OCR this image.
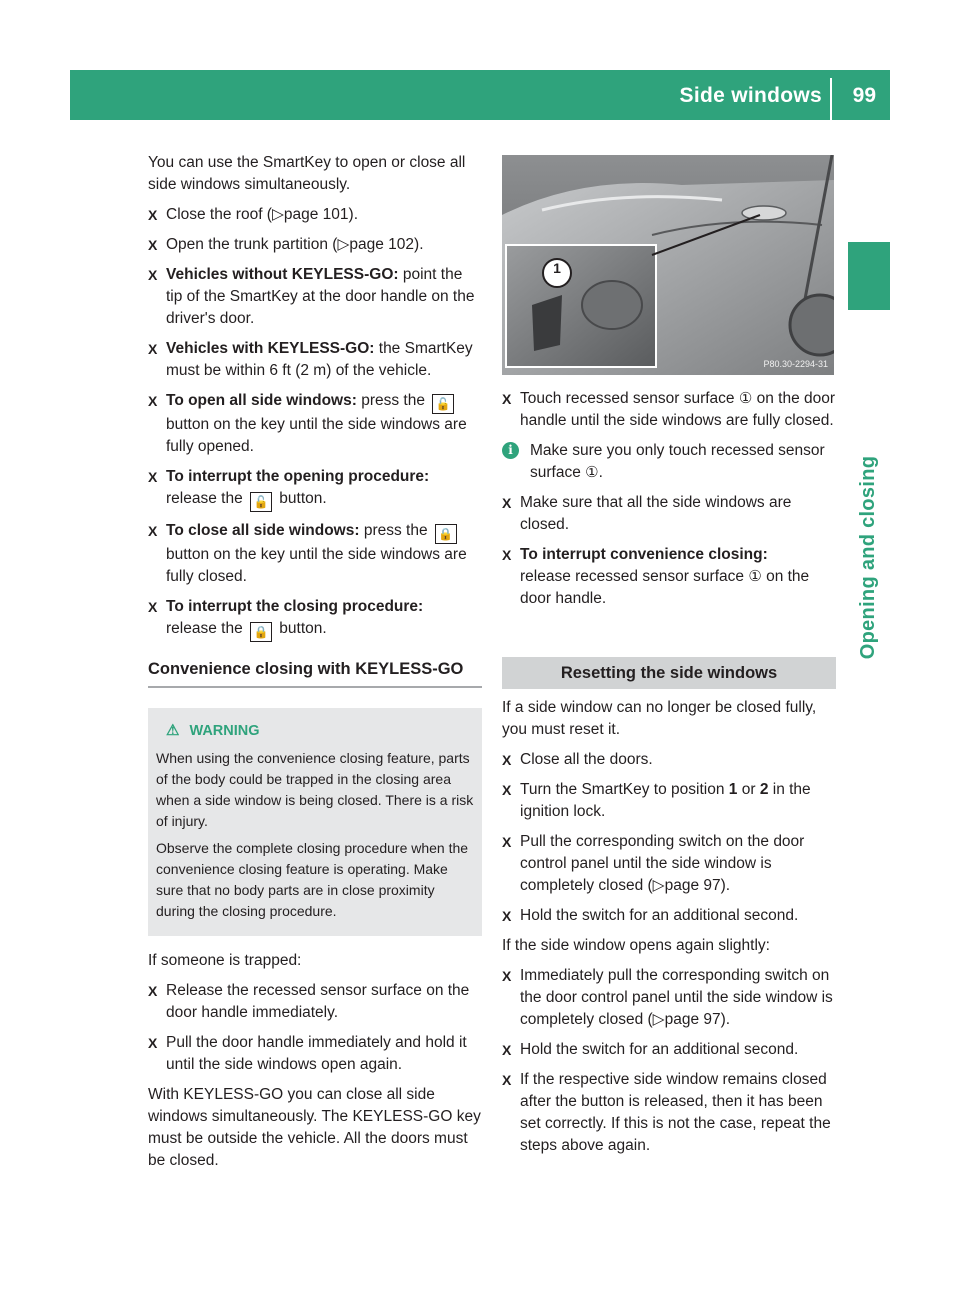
Side windows 99
Opening and closing

You can use the SmartKey to open or close all side windows simultaneously.

X Close the roof (▷page 101).
X Open the trunk partition (▷page 102).
X Vehicles without KEYLESS-GO: point the tip of the SmartKey at the door handle on the driver's door.
X Vehicles with KEYLESS-GO: the SmartKey must be within 6 ft (2 m) of the vehicle.
X To open all side windows: press the 🔓 button on the key until the side windows are fully opened.
X To interrupt the opening procedure:
release the 🔓 button.
X To close all side windows: press the 🔒 button on the key until the side windows are fully closed.
X To interrupt the closing procedure:
release the 🔒 button.
Convenience closing with KEYLESS-GO
⚠ WARNING

When using the convenience closing feature, parts of the body could be trapped in the closing area when a side window is being closed. There is a risk of injury.

Observe the complete closing procedure when the convenience closing feature is operating. Make sure that no body parts are in close proximity during the closing procedure.

If someone is trapped:

X Release the recessed sensor surface on the door handle immediately.
X Pull the door handle immediately and hold it until the side windows open again.

With KEYLESS-GO you can close all side windows simultaneously. The KEYLESS-GO key must be outside the vehicle. All the doors must be closed.

1
P80.30-2294-31
X Touch recessed sensor surface ① on the door handle until the side windows are fully closed.
i	Make sure you only touch recessed sensor surface ①.
X Make sure that all the side windows are closed.
X To interrupt convenience closing:
release recessed sensor surface ① on the door handle.
Resetting the side windows

If a side window can no longer be closed fully, you must reset it.

X Close all the doors.
X Turn the SmartKey to position 1 or 2 in the ignition lock.
X Pull the corresponding switch on the door control panel until the side window is completely closed (▷page 97).
X Hold the switch for an additional second.

If the side window opens again slightly:

X Immediately pull the corresponding switch on the door control panel until the side window is completely closed (▷page 97).
X Hold the switch for an additional second.
X If the respective side window remains closed after the button is released, then it has been set correctly. If this is not the case, repeat the steps above again.
